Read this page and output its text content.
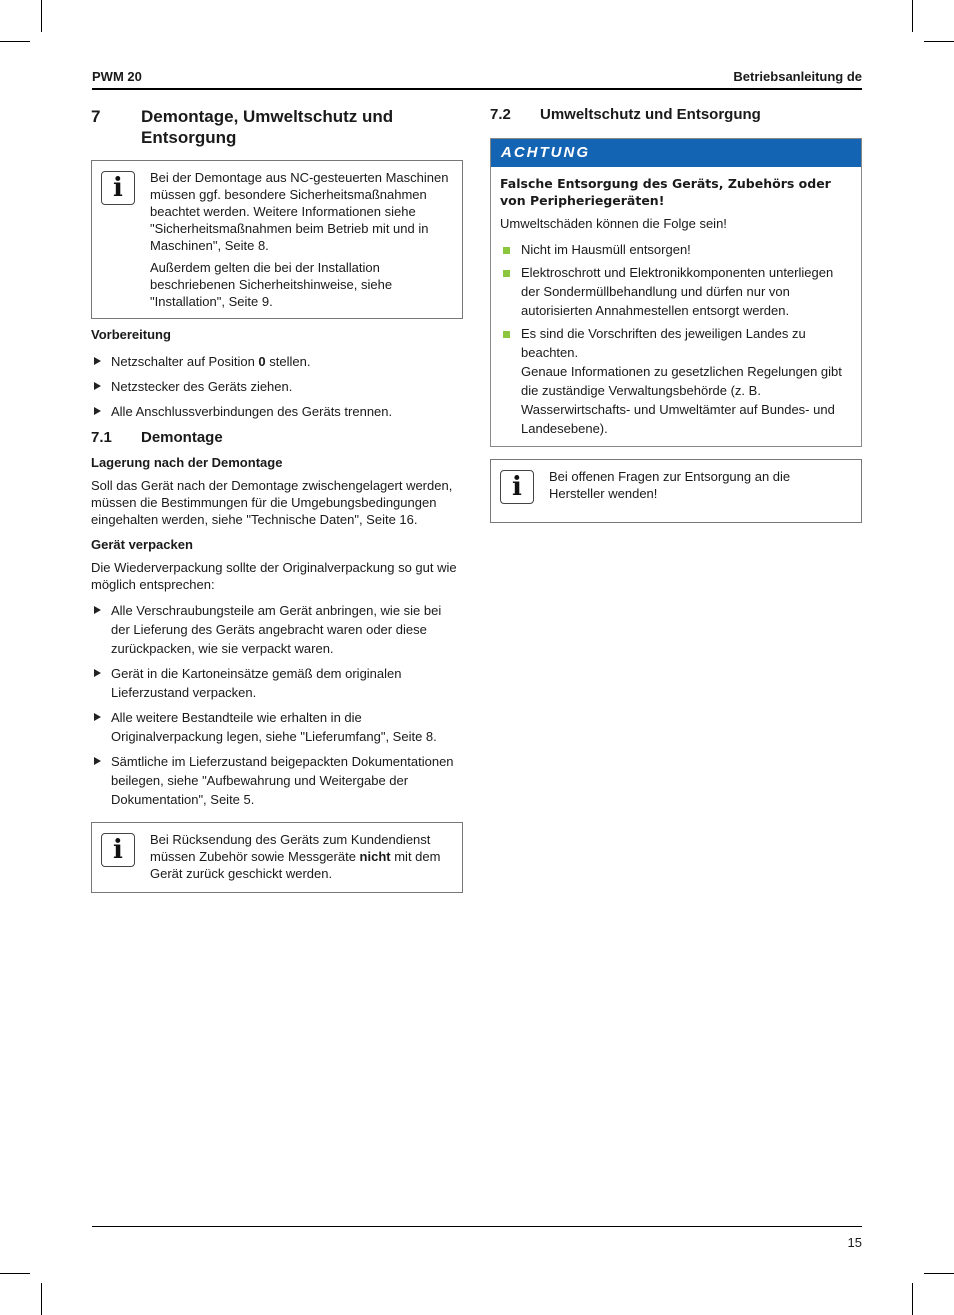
PWM 20	Betriebsanleitung de
7	Demontage, Umweltschutz und Entsorgung
i	Bei der Demontage aus NC-gesteuerten Maschinen müssen ggf. besondere Sicherheitsmaßnahmen beachtet werden. Weitere Informationen siehe "Sicherheitsmaßnahmen beim Betrieb mit und in Maschinen", Seite 8.

Außerdem gelten die bei der Installation beschriebenen Sicherheitshinweise, siehe "Installation", Seite 9.

Vorbereitung
Netzschalter auf Position 0 stellen.
Netzstecker des Geräts ziehen.
Alle Anschlussverbindungen des Geräts trennen.
7.1	Demontage
Lagerung nach der Demontage

Soll das Gerät nach der Demontage zwischengelagert werden, müssen die Bestimmungen für die Umgebungsbedingungen eingehalten werden, siehe "Technische Daten", Seite 16.

Gerät verpacken

Die Wiederverpackung sollte der Originalverpackung so gut wie möglich entsprechen:

Alle Verschraubungsteile am Gerät anbringen, wie sie bei der Lieferung des Geräts angebracht waren oder diese zurückpacken, wie sie verpackt waren.
Gerät in die Kartoneinsätze gemäß dem originalen Lieferzustand verpacken.
Alle weitere Bestandteile wie erhalten in die Originalverpackung legen, siehe "Lieferumfang", Seite 8.
Sämtliche im Lieferzustand beigepackten Dokumentationen beilegen, siehe "Aufbewahrung und Weitergabe der Dokumentation", Seite 5.
i	Bei Rücksendung des Geräts zum Kundendienst müssen Zubehör sowie Messgeräte nicht mit dem Gerät zurück geschickt werden.

7.2	Umweltschutz und Entsorgung
ACHTUNG

Falsche Entsorgung des Geräts, Zubehörs oder von Peripheriegeräten!

Umweltschäden können die Folge sein!

Nicht im Hausmüll entsorgen!
Elektroschrott und Elektronikkomponenten unterliegen der Sondermüllbehandlung und dürfen nur von autorisierten Annahmestellen entsorgt werden.
Es sind die Vorschriften des jeweiligen Landes zu beachten.
Genaue Informationen zu gesetzlichen Regelungen gibt die zuständige Verwaltungsbehörde (z. B. Wasserwirtschafts- und Umweltämter auf Bundes- und Landesebene).
i	Bei offenen Fragen zur Entsorgung an die Hersteller wenden!

15
